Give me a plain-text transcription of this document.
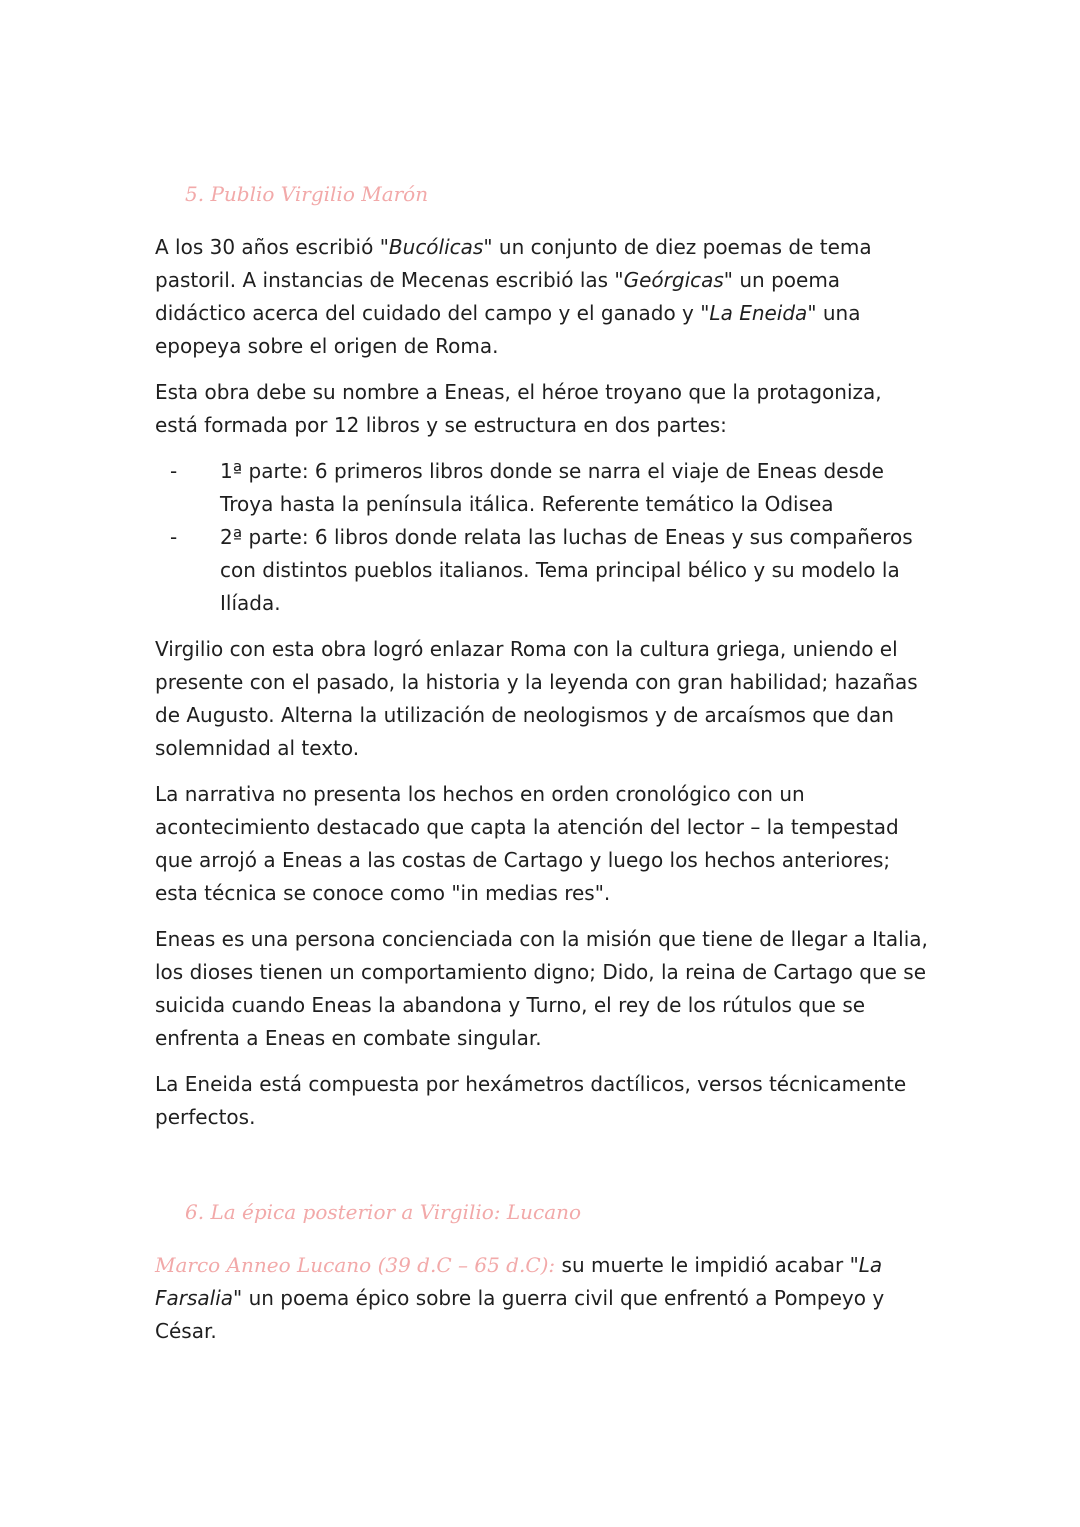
5. Publio Virgilio Marón

A los 30 años escribió "Bucólicas" un conjunto de diez poemas de tema pastoril. A instancias de Mecenas escribió las "Geórgicas" un poema didáctico acerca del cuidado del campo y el ganado y "La Eneida" una epopeya sobre el origen de Roma.

Esta obra debe su nombre a Eneas, el héroe troyano que la protagoniza, está formada por 12 libros y se estructura en dos partes:

- 1ª parte: 6 primeros libros donde se narra el viaje de Eneas desde Troya hasta la península itálica. Referente temático la Odisea
- 2ª parte: 6 libros donde relata las luchas de Eneas y sus compañeros con distintos pueblos italianos. Tema principal bélico y su modelo la Ilíada.

Virgilio con esta obra logró enlazar Roma con la cultura griega, uniendo el presente con el pasado, la historia y la leyenda con gran habilidad; hazañas de Augusto. Alterna la utilización de neologismos y de arcaísmos que dan solemnidad al texto.

La narrativa no presenta los hechos en orden cronológico con un acontecimiento destacado que capta la atención del lector – la tempestad que arrojó a Eneas a las costas de Cartago y luego los hechos anteriores; esta técnica se conoce como "in medias res".

Eneas es una persona concienciada con la misión que tiene de llegar a Italia, los dioses tienen un comportamiento digno; Dido, la reina de Cartago que se suicida cuando Eneas la abandona y Turno, el rey de los rútulos que se enfrenta a Eneas en combate singular.

La Eneida está compuesta por hexámetros dactílicos, versos técnicamente perfectos.

6. La épica posterior a Virgilio: Lucano

Marco Anneo Lucano (39 d.C – 65 d.C): su muerte le impidió acabar "La Farsalia" un poema épico sobre la guerra civil que enfrentó a Pompeyo y César.
